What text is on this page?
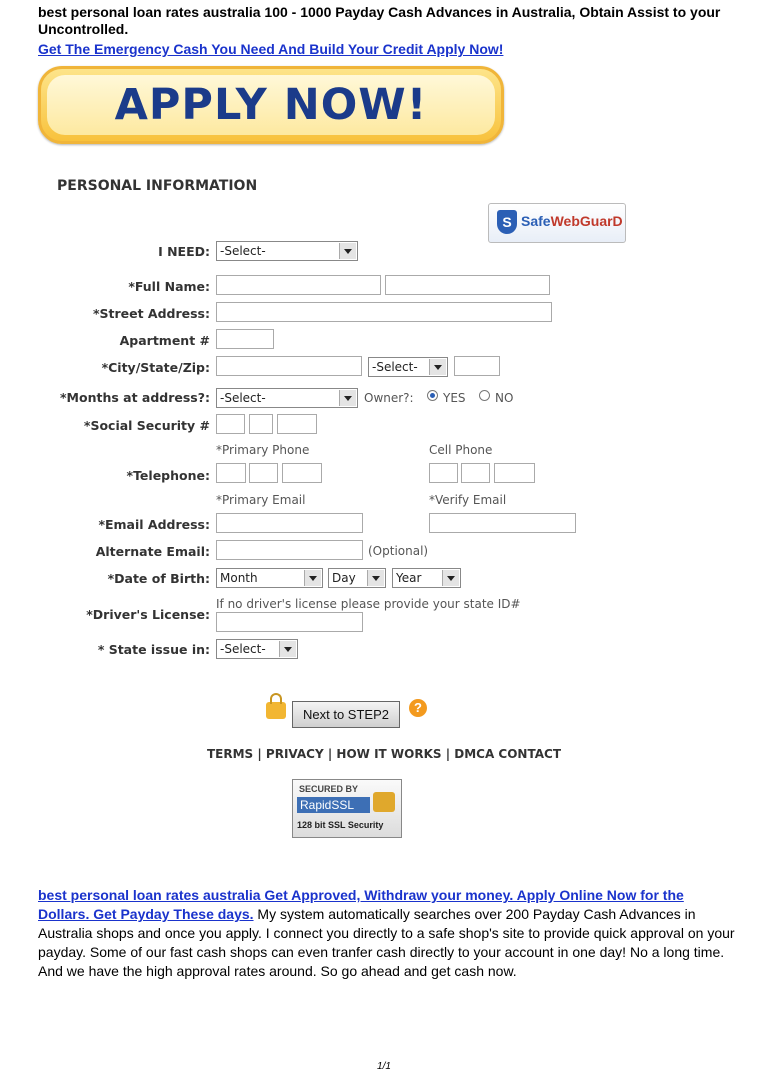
best personal loan rates australia 100 - 1000 Payday Cash Advances in Australia, Obtain Assist to your Uncontrolled.
Get The Emergency Cash You Need And Build Your Credit Apply Now!
APPLY NOW!
PERSONAL INFORMATION
S SafeWebGuarD
I NEED: -Select-
*Full Name:
*Street Address:
Apartment #
*City/State/Zip:	-Select-
*Months at address?: -Select-	Owner?: YES NO
*Social Security #
*Primary Phone	Cell Phone
*Telephone:
*Primary Email	*Verify Email
*Email Address:
Alternate Email:	(Optional)
*Date of Birth: Month	Day	Year
If no driver's license please provide your state ID#
*Driver's License:
* State issue in: -Select-
Next to STEP2	?
TERMS | PRIVACY | HOW IT WORKS | DMCA CONTACT
SECURED BY
RapidSSL
128 bit SSL Security
best personal loan rates australia Get Approved, Withdraw your money. Apply Online Now for the Dollars. Get Payday These days. My system automatically searches over 200 Payday Cash Advances in Australia shops and once you apply. I connect you directly to a safe shop's site to provide quick approval on your payday. Some of our fast cash shops can even tranfer cash directly to your account in one day! No a long time. And we have the high approval rates around. So go ahead and get cash now.
1/1
